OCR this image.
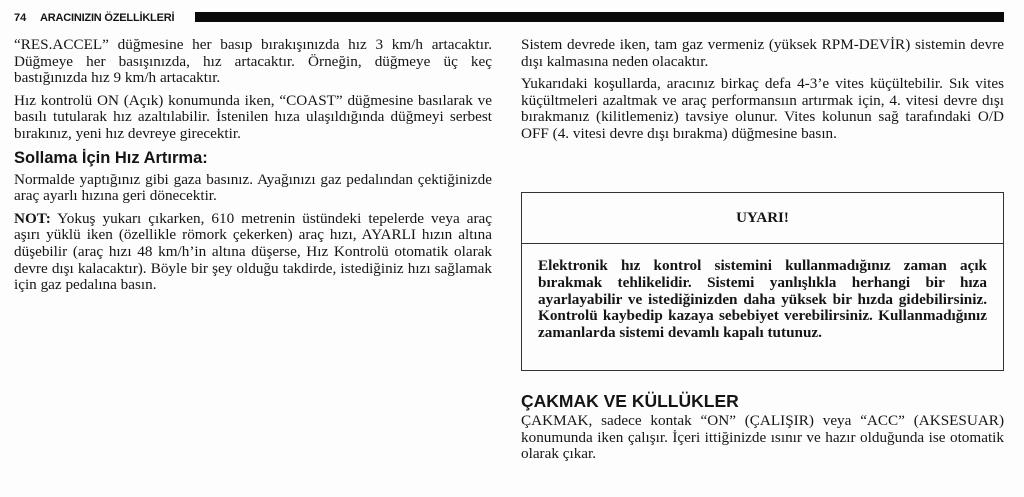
74	ARACINIZIN ÖZELLİKLERİ

“RES.ACCEL” düğmesine her basıp bırakışınızda hız 3 km/h artacaktır. Düğmeye her basışınızda, hız artacaktır. Örneğin, düğmeye üç keç bastığınızda hız 9 km/h artacaktır.

Hız kontrolü ON (Açık) konumunda iken, “COAST” düğmesine basılarak ve basılı tutularak hız azaltılabilir. İstenilen hıza ulaşıldığında düğmeyi serbest bırakınız, yeni hız devreye girecektir.

Sollama İçin Hız Artırma:

Normalde yaptığınız gibi gaza basınız. Ayağınızı gaz pedalından çektiğinizde araç ayarlı hızına geri dönecektir.

NOT: Yokuş yukarı çıkarken, 610 metrenin üstündeki tepelerde veya araç aşırı yüklü iken (özellikle römork çekerken) araç hızı, AYARLI hızın altına düşebilir (araç hızı 48 km/h’in altına düşerse, Hız Kontrolü otomatik olarak devre dışı kalacaktır). Böyle bir şey olduğu takdirde, istediğiniz hızı sağlamak için gaz pedalına basın.

Sistem devrede iken, tam gaz vermeniz (yüksek RPM-DEVİR) sistemin devre dışı kalmasına neden olacaktır.

Yukarıdaki koşullarda, aracınız birkaç defa 4-3’e vites küçültebilir. Sık vites küçültmeleri azaltmak ve araç performansıın artırmak için, 4. vitesi devre dışı bırakmanız (kilitlemeniz) tavsiye olunur. Vites kolunun sağ tarafındaki O/D OFF (4. vitesi devre dışı bırakma) düğmesine basın.

UYARI!
Elektronik hız kontrol sistemini kullanmadığınız zaman açık bırakmak tehlikelidir. Sistemi yanlışlıkla herhangi bir hıza ayarlayabilir ve istediğinizden daha yüksek bir hızda gidebilirsiniz. Kontrolü kaybedip kazaya sebebiyet verebilirsiniz. Kullanmadığınız zamanlarda sistemi devamlı kapalı tutunuz.
ÇAKMAK VE KÜLLÜKLER

ÇAKMAK, sadece kontak “ON” (ÇALIŞIR) veya “ACC” (AKSESUAR) konumunda iken çalışır. İçeri ittiğinizde ısınır ve hazır olduğunda ise otomatik olarak çıkar.
